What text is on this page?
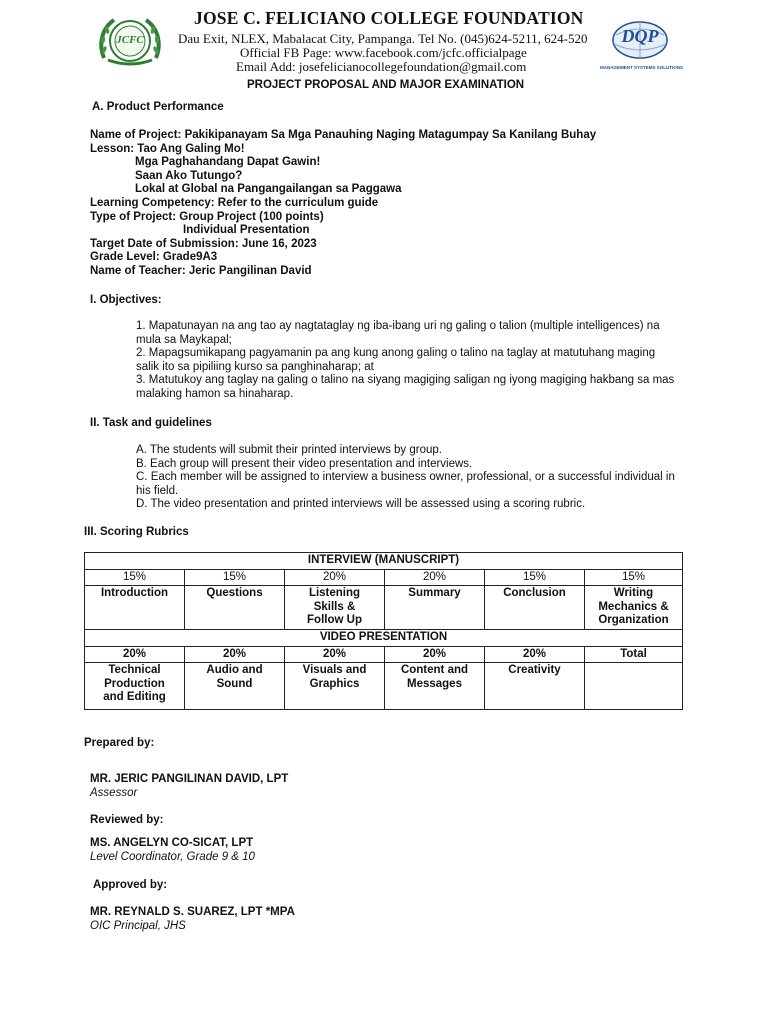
JCFC
JOSE C. FELICIANO COLLEGE FOUNDATION
Dau Exit, NLEX, Mabalacat City, Pampanga. Tel No. (045)624-5211, 624-520
Official FB Page: www.facebook.com/jcfc.officialpage
Email Add: josefelicianocollegefoundation@gmail.com
DQP
MANAGEMENT SYSTEMS SOLUTIONS
PROJECT PROPOSAL AND MAJOR EXAMINATION
A. Product Performance

Name of Project: Pakikipanayam Sa Mga Panauhing Naging Matagumpay Sa Kanilang Buhay

Lesson: Tao Ang Galing Mo!

Mga Paghahandang Dapat Gawin!

Saan Ako Tutungo?

Lokal at Global na Pangangailangan sa Paggawa

Learning Competency: Refer to the curriculum guide

Type of Project: Group Project (100 points)

Individual Presentation

Target Date of Submission: June 16, 2023

Grade Level: Grade9A3

Name of Teacher: Jeric Pangilinan David

I. Objectives:

1. Mapatunayan na ang tao ay nagtataglay ng iba-ibang uri ng galing o talion (multiple intelligences) na mula sa Maykapal;

2. Mapagsumikapang pagyamanin pa ang kung anong galing o talino na taglay at matutuhang maging salik ito sa pipiliing kurso sa panghinaharap; at

3. Matutukoy ang taglay na galing o talino na siyang magiging saligan ng iyong magiging hakbang sa mas malaking hamon sa hinaharap.

II. Task and guidelines

A. The students will submit their printed interviews by group.

B. Each group will present their video presentation and interviews.

C. Each member will be assigned to interview a business owner, professional, or a successful individual in his field.

D. The video presentation and printed interviews will be assessed using a scoring rubric.

III. Scoring Rubrics
INTERVIEW (MANUSCRIPT)					
15%	15%	20%	20%	15%	15%
Introduction	Questions	Listening Skills & Follow Up	Summary	Conclusion	Writing Mechanics & Organization
VIDEO PRESENTATION					
20%	20%	20%	20%	20%	Total
Technical Production and Editing	Audio and Sound	Visuals and Graphics	Content and Messages	Creativity	
Prepared by:
MR. JERIC PANGILINAN DAVID, LPT
Assessor
Reviewed by:
MS. ANGELYN CO-SICAT, LPT
Level Coordinator, Grade 9 & 10
Approved by:
MR. REYNALD S. SUAREZ, LPT *MPA
OIC Principal, JHS
